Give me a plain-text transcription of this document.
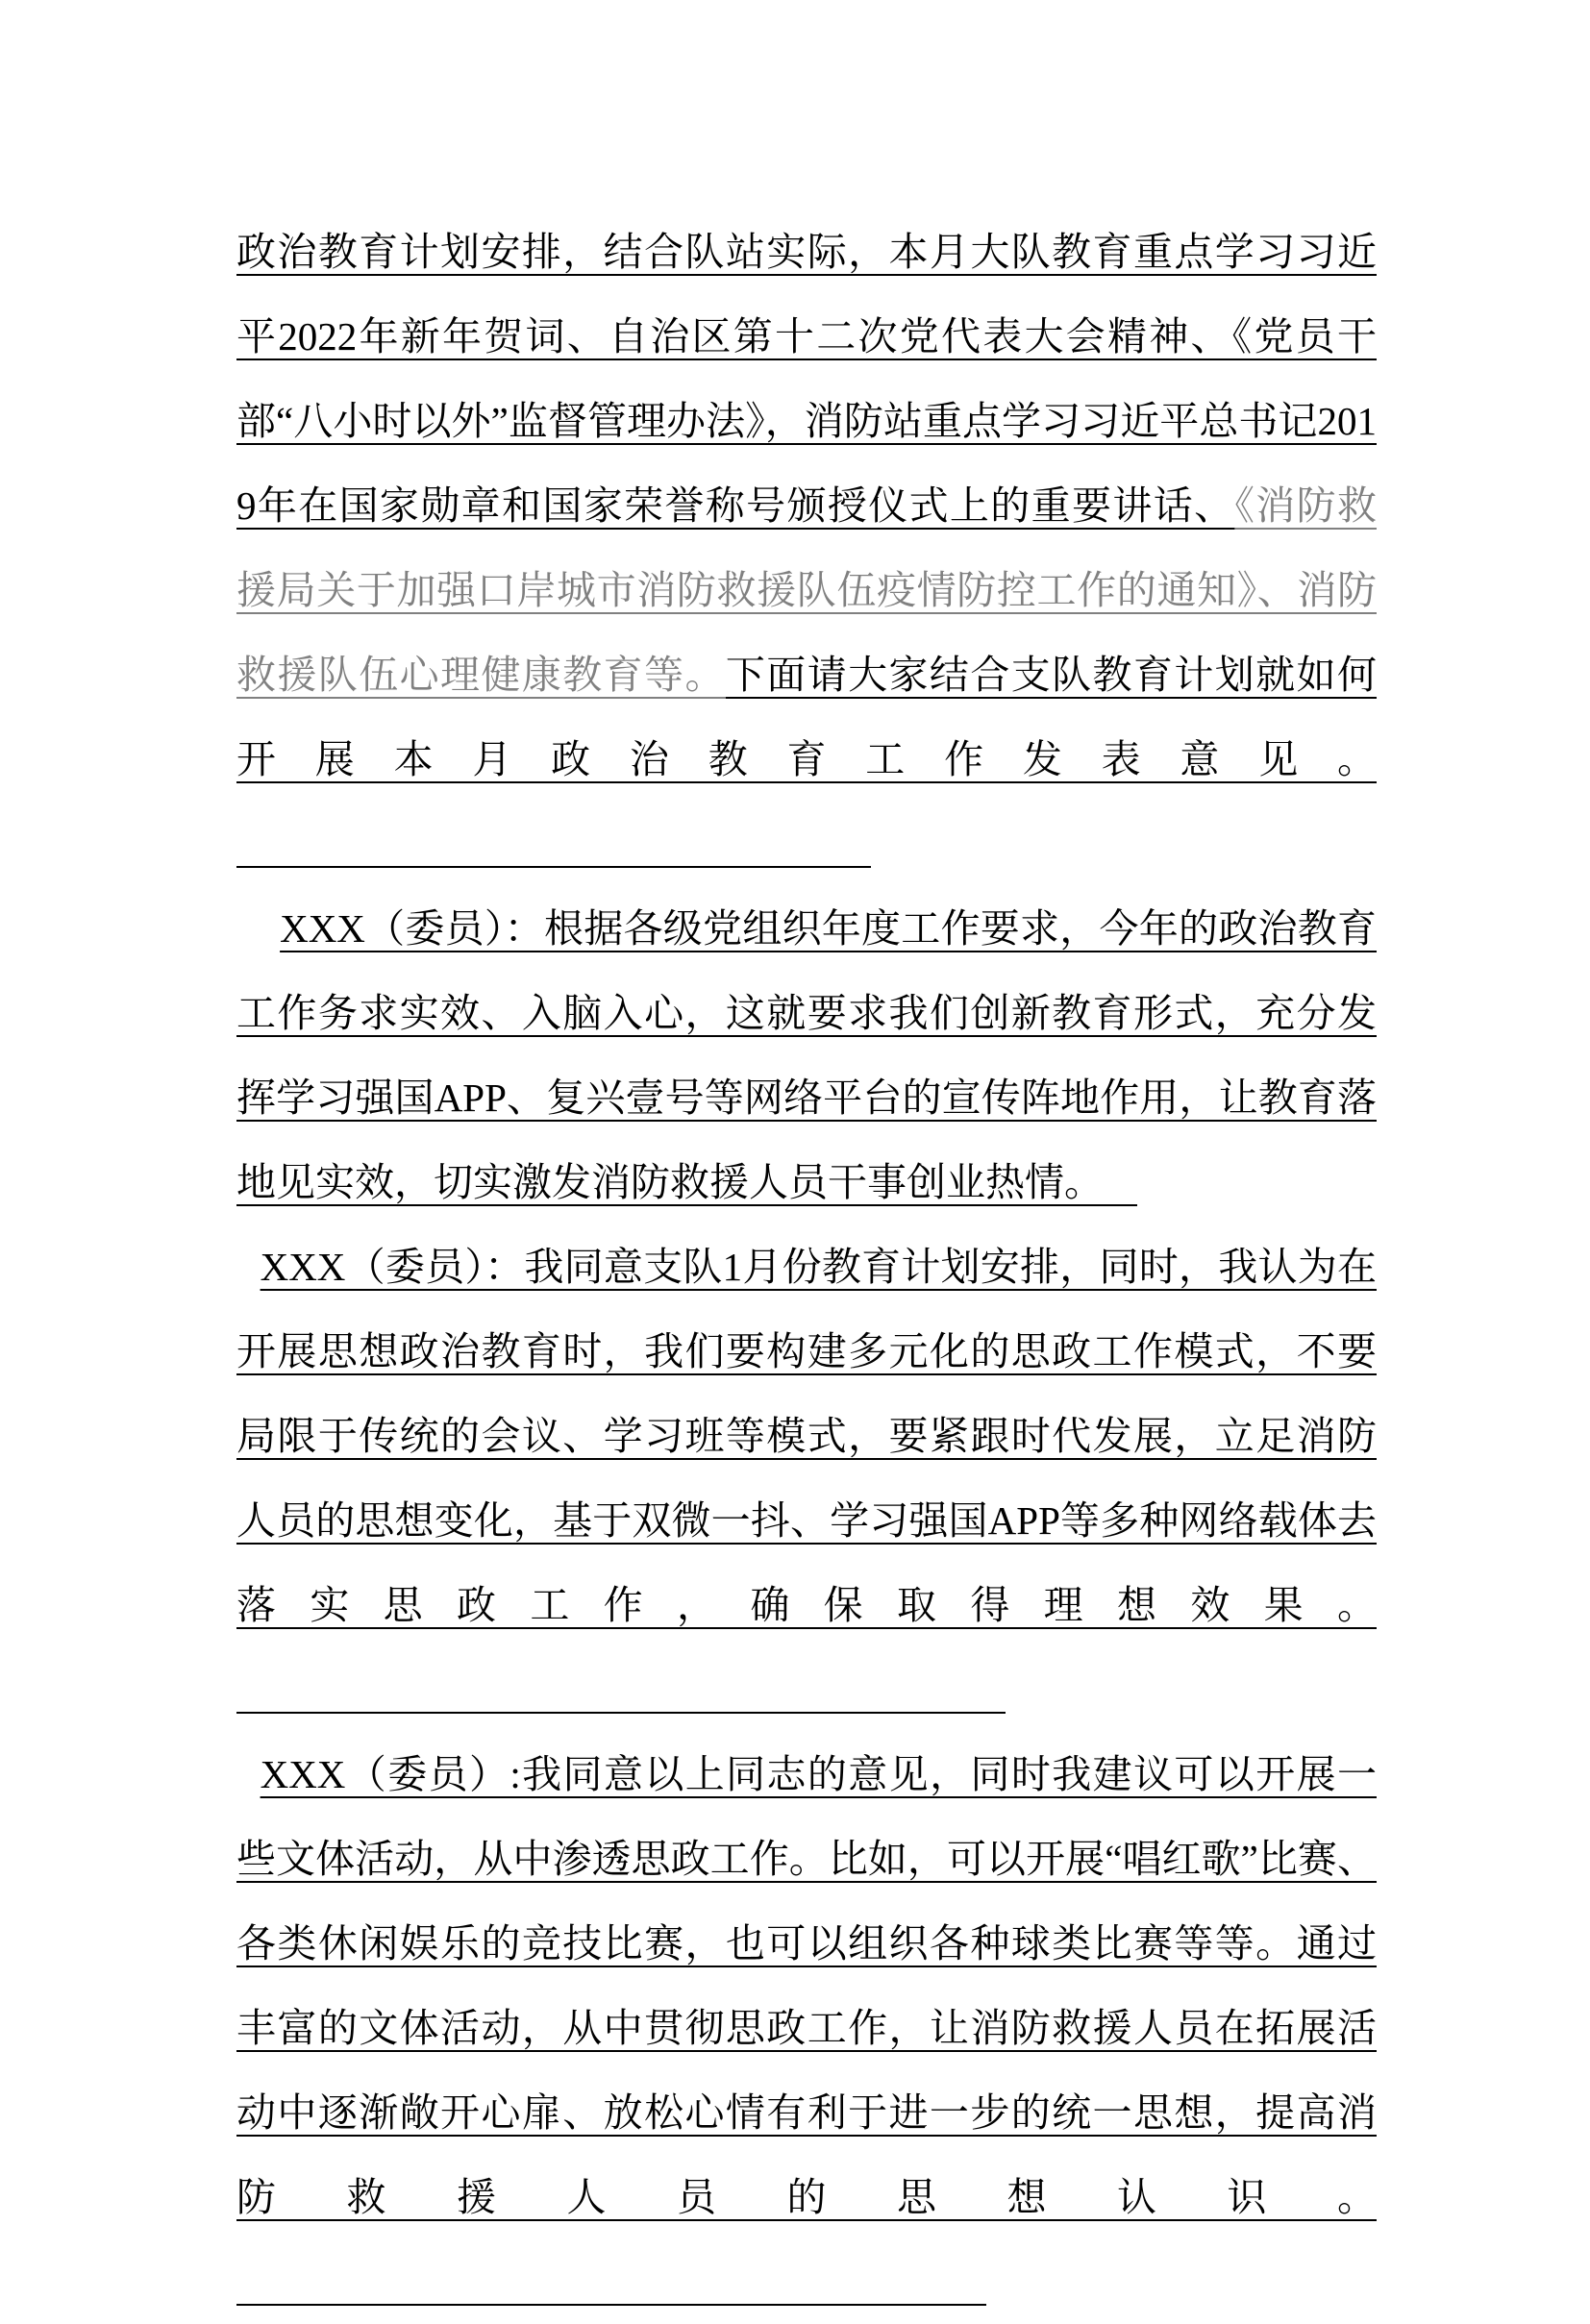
政治教育计划安排，结合队站实际，本月大队教育重点学习习近平2022年新年贺词、自治区第十二次党代表大会精神、《党员干部“八小时以外”监督管理办法》，消防站重点学习习近平总书记2019年在国家勋章和国家荣誉称号颁授仪式上的重要讲话、《消防救援局关于加强口岸城市消防救援队伍疫情防控工作的通知》、消防救援队伍心理健康教育等。下面请大家结合支队教育计划就如何开展本月政治教育工作发表意见。

XXX（委员）：根据各级党组织年度工作要求，今年的政治教育工作务求实效、入脑入心，这就要求我们创新教育形式，充分发挥学习强国APP、复兴壹号等网络平台的宣传阵地作用，让教育落地见实效，切实激发消防救援人员干事创业热情。

XXX（委员）：我同意支队1月份教育计划安排，同时，我认为在开展思想政治教育时，我们要构建多元化的思政工作模式，不要局限于传统的会议、学习班等模式，要紧跟时代发展，立足消防人员的思想变化，基于双微一抖、学习强国APP等多种网络载体去落实思政工作，确保取得理想效果。

XXX（委员）:我同意以上同志的意见，同时我建议可以开展一些文体活动，从中渗透思政工作。比如，可以开展“唱红歌”比赛、各类休闲娱乐的竞技比赛，也可以组织各种球类比赛等等。通过丰富的文体活动，从中贯彻思政工作，让消防救援人员在拓展活动中逐渐敞开心扉、放松心情有利于进一步的统一思想，提高消防救援人员的思想认识。
